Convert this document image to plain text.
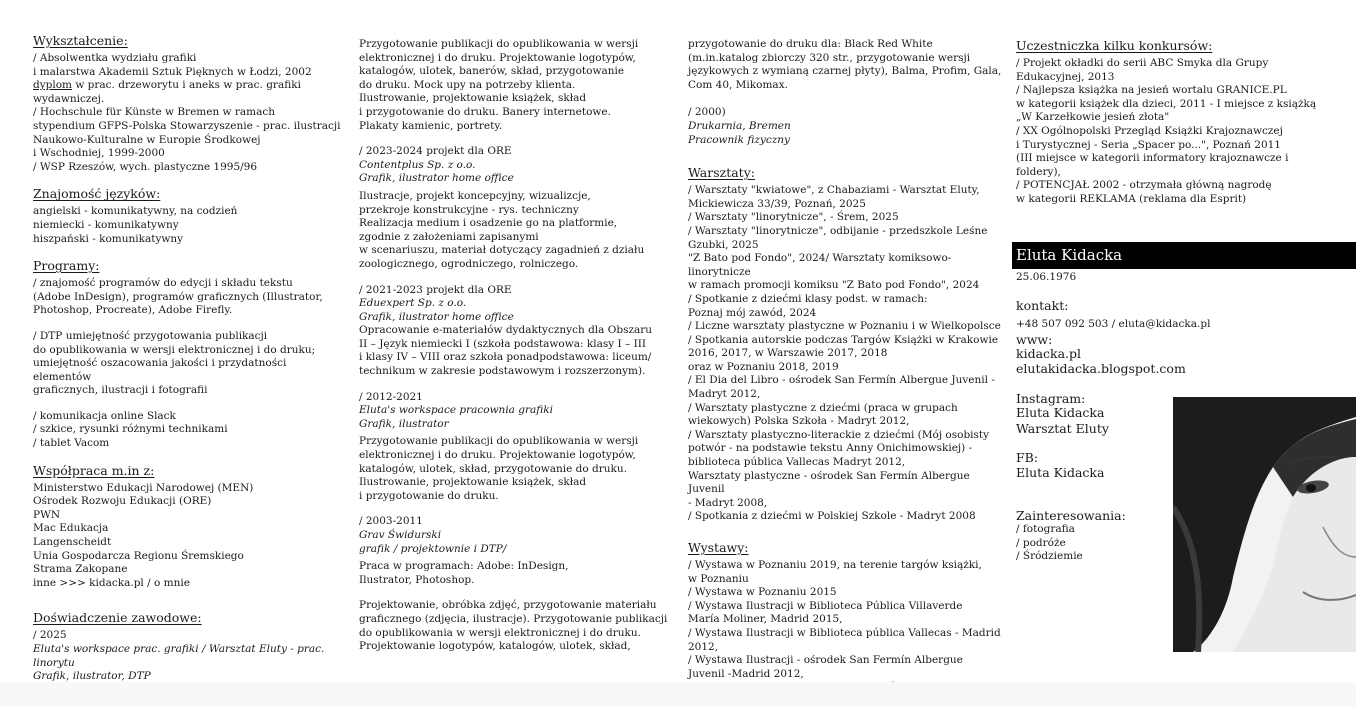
Wykształcenie:

/ Absolwentka wydziału grafiki
i malarstwa Akademii Sztuk Pięknych w Łodzi, 2002
dyplom w prac. drzeworytu i aneks w prac. grafiki wydawniczej.
/ Hochschule für Künste w Bremen w ramach
stypendium GFPS-Polska Stowarzyszenie - prac. ilustracji
Naukowo-Kulturalne w Europie Środkowej
i Wschodniej, 1999-2000
/ WSP Rzeszów, wych. plastyczne 1995/96

Znajomość języków:

angielski - komunikatywny, na codzień
niemiecki - komunikatywny
hiszpański - komunikatywny

Programy:

/ znajomość programów do edycji i składu tekstu
(Adobe InDesign), programów graficznych (Illustrator,
Photoshop, Procreate), Adobe Firefly.

/ DTP umiejętność przygotowania publikacji
do opublikowania w wersji elektronicznej i do druku;
umiejętność oszacowania jakości i przydatności elementów
graficznych, ilustracji i fotografii

/ komunikacja online Slack
/ szkice, rysunki różnymi technikami
/ tablet Vacom

Współpraca m.in z:

Ministerstwo Edukacji Narodowej (MEN)
Ośrodek Rozwoju Edukacji (ORE)
PWN
Mac Edukacja
Langenscheidt
Unia Gospodarcza Regionu Śremskiego
Strama Zakopane
inne >>> kidacka.pl / o mnie

Doświadczenie zawodowe:

/ 2025

Eluta's workspace prac. grafiki / Warsztat Eluty - prac. linorytu
Grafik, ilustrator, DTP

Przygotowanie publikacji do opublikowania w wersji
elektronicznej i do druku. Projektowanie logotypów,
katalogów, ulotek, banerów, skład, przygotowanie
do druku. Mock upy na potrzeby klienta.
Ilustrowanie, projektowanie książek, skład
i przygotowanie do druku. Banery internetowe.
Plakaty kamienic, portrety.

/ 2023-2024 projekt dla ORE

Contentplus Sp. z o.o.
Grafik, ilustrator home office

Ilustracje, projekt koncepcyjny, wizualizcje,
przekroje konstrukcyjne - rys. techniczny
Realizacja medium i osadzenie go na platformie,
zgodnie z założeniami zapisanymi
w scenariuszu, materiał dotyczący zagadnień z działu
zoologicznego, ogrodniczego, rolniczego.

/ 2021-2023 projekt dla ORE

Eduexpert Sp. z o.o.
Grafik, ilustrator home office

Opracowanie e-materiałów dydaktycznych dla Obszaru
II – Język niemiecki I (szkoła podstawowa: klasy I – III
i klasy IV – VIII oraz szkoła ponadpodstawowa: liceum/
technikum w zakresie podstawowym i rozszerzonym).

/ 2012-2021

Eluta's workspace pracownia grafiki
Grafik, ilustrator

Przygotowanie publikacji do opublikowania w wersji
elektronicznej i do druku. Projektowanie logotypów,
katalogów, ulotek, skład, przygotowanie do druku.
Ilustrowanie, projektowanie książek, skład
i przygotowanie do druku.

/ 2003-2011

Grav Świdurski
grafik / projektownie i DTP/

Praca w programach: Adobe: InDesign,
Ilustrator, Photoshop.

Projektowanie, obróbka zdjęć, przygotowanie materiału
graficznego (zdjęcia, ilustracje). Przygotowanie publikacji
do opublikowania w wersji elektronicznej i do druku.
Projektowanie logotypów, katalogów, ulotek, skład,

przygotowanie do druku dla: Black Red White
(m.in.katalog zbiorczy 320 str., przygotowanie wersji
językowych z wymianą czarnej płyty), Balma, Profim, Gala,
Com 40, Mikomax.

/ 2000)

Drukarnia, Bremen
Pracownik fizyczny

Warsztaty:

/ Warsztaty "kwiatowe", z Chabaziami - Warsztat Eluty,
Mickiewicza 33/39, Poznań, 2025
/ Warsztaty "linorytnicze", - Śrem, 2025
/ Warsztaty "linorytnicze", odbijanie - przedszkole Leśne
Gzubki, 2025
"Z Bato pod Fondo", 2024/ Warsztaty komiksowo-linorytnicze
w ramach promocji komiksu "Z Bato pod Fondo", 2024
/ Spotkanie z dziećmi klasy podst. w ramach:
Poznaj mój zawód, 2024
/ Liczne warsztaty plastyczne w Poznaniu i w Wielkopolsce
/ Spotkania autorskie podczas Targów Książki w Krakowie
2016, 2017, w Warszawie 2017, 2018
oraz w Poznaniu 2018, 2019
/ El Dia del Libro - ośrodek San Fermín Albergue Juvenil -
Madryt 2012,
/ Warsztaty plastyczne z dziećmi (praca w grupach
wiekowych) Polska Szkoła - Madryt 2012,
/ Warsztaty plastyczno-literackie z dziećmi (Mój osobisty
potwór - na podstawie tekstu Anny Onichimowskiej) -
biblioteca pública Vallecas Madryt 2012,
Warsztaty plastyczne - ośrodek San Fermín Albergue Juvenil
- Madryt 2008,
/ Spotkania z dziećmi w Polskiej Szkole - Madryt 2008

Wystawy:

/ Wystawa w Poznaniu 2019, na terenie targów książki,
w Poznaniu
/ Wystawa w Poznaniu 2015
/ Wystawa Ilustracji w Biblioteca Pública Villaverde
María Moliner, Madrid 2015,
/ Wystawa Ilustracji w Biblioteca pública Vallecas - Madrid 2012,
/ Wystawa Ilustracji - ośrodek San Fermín Albergue
Juvenil -Madrid 2012,

Uczestniczka kilku konkursów:

/ Projekt okładki do serii ABC Smyka dla Grupy
Edukacyjnej, 2013
/ Najlepsza książka na jesień wortalu GRANICE.PL
w kategorii książek dla dzieci, 2011 - I miejsce z książką
„W Karzełkowie jesień złota"
/ XX Ogólnopolski Przegląd Książki Krajoznawczej
i Turystycznej - Seria „Spacer po...", Poznań 2011
(III miejsce w kategorii informatory krajoznawcze i foldery),
/ POTENCJAŁ 2002 - otrzymała główną nagrodę
w kategorii REKLAMA (reklama dla Esprit)

Eluta Kidacka
25.06.1976
kontakt:
+48 507 092 503 / eluta@kidacka.pl
www:
kidacka.pl
elutakidacka.blogspot.com
Instagram:
Eluta Kidacka
Warsztat Eluty
FB:
Eluta Kidacka
Zainteresowania:
/ fotografia
/ podróże
/ Śródziemie
